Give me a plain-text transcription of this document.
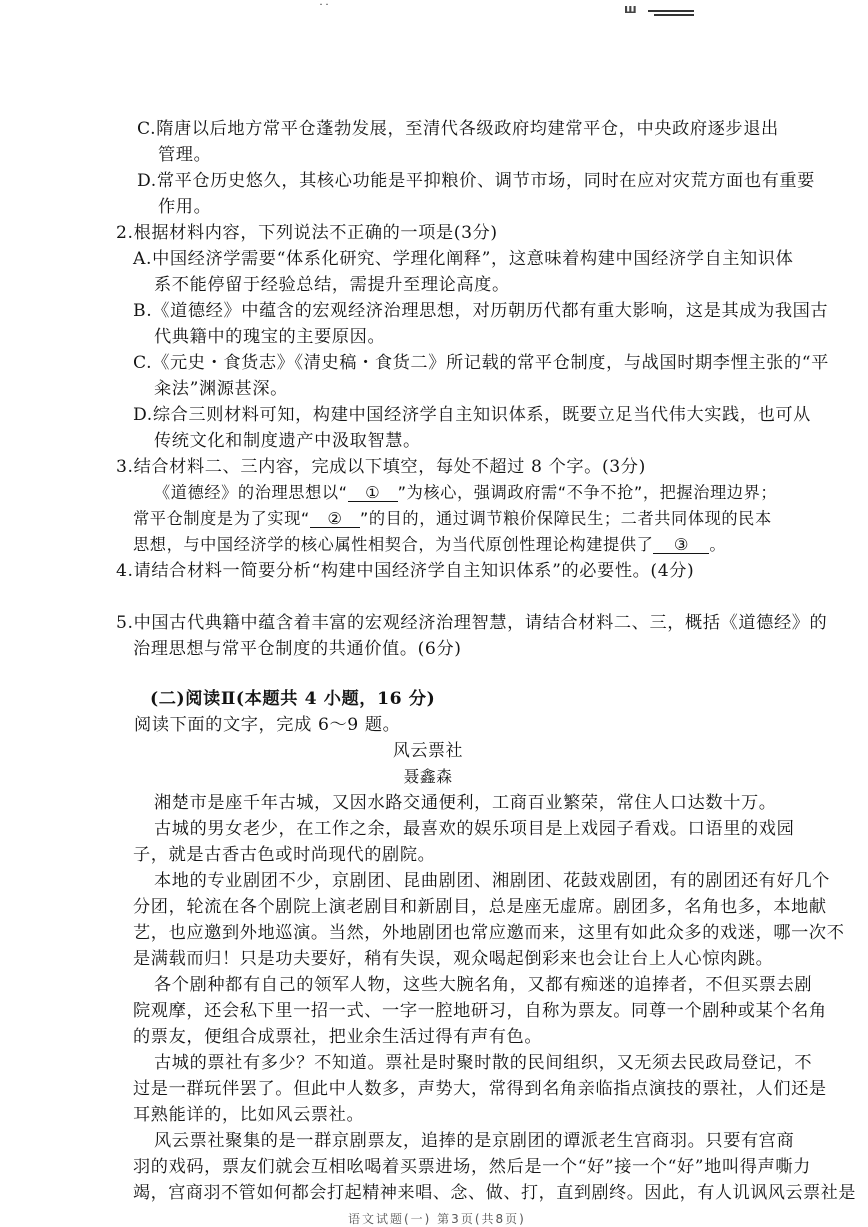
˙˙	ш
C.隋唐以后地方常平仓蓬勃发展，至清代各级政府均建常平仓，中央政府逐步退出
管理。
D.常平仓历史悠久，其核心功能是平抑粮价、调节市场，同时在应对灾荒方面也有重要
作用。
2.根据材料内容，下列说法不正确的一项是(3分)
A.中国经济学需要“体系化研究、学理化阐释”，这意味着构建中国经济学自主知识体
系不能停留于经验总结，需提升至理论高度。
B.《道德经》中蕴含的宏观经济治理思想，对历朝历代都有重大影响，这是其成为我国古
代典籍中的瑰宝的主要原因。
C.《元史・食货志》《清史稿・食货二》所记载的常平仓制度，与战国时期李悝主张的“平
籴法”渊源甚深。
D.综合三则材料可知，构建中国经济学自主知识体系，既要立足当代伟大实践，也可从
传统文化和制度遗产中汲取智慧。
3.结合材料二、三内容，完成以下填空，每处不超过 8 个字。(3分)
《道德经》的治理思想以“ ① ”为核心，强调政府需“不争不抢”，把握治理边界；
常平仓制度是为了实现“ ② ”的目的，通过调节粮价保障民生；二者共同体现的民本
思想，与中国经济学的核心属性相契合，为当代原创性理论构建提供了 ③ 。
4.请结合材料一简要分析“构建中国经济学自主知识体系”的必要性。(4分)
5.中国古代典籍中蕴含着丰富的宏观经济治理智慧，请结合材料二、三，概括《道德经》的
治理思想与常平仓制度的共通价值。(6分)
(二)阅读Ⅱ(本题共 4 小题，16 分)
阅读下面的文字，完成 6～9 题。
风云票社
聂鑫森
湘楚市是座千年古城，又因水路交通便利，工商百业繁荣，常住人口达数十万。
古城的男女老少，在工作之余，最喜欢的娱乐项目是上戏园子看戏。口语里的戏园
子，就是古香古色或时尚现代的剧院。
本地的专业剧团不少，京剧团、昆曲剧团、湘剧团、花鼓戏剧团，有的剧团还有好几个
分团，轮流在各个剧院上演老剧目和新剧目，总是座无虚席。剧团多，名角也多，本地献
艺，也应邀到外地巡演。当然，外地剧团也常应邀而来，这里有如此众多的戏迷，哪一次不
是满载而归！只是功夫要好，稍有失误，观众喝起倒彩来也会让台上人心惊肉跳。
各个剧种都有自己的领军人物，这些大腕名角，又都有痴迷的追捧者，不但买票去剧
院观摩，还会私下里一招一式、一字一腔地研习，自称为票友。同尊一个剧种或某个名角
的票友，便组合成票社，把业余生活过得有声有色。
古城的票社有多少？不知道。票社是时聚时散的民间组织，又无须去民政局登记，不
过是一群玩伴罢了。但此中人数多，声势大，常得到名角亲临指点演技的票社，人们还是
耳熟能详的，比如风云票社。
风云票社聚集的是一群京剧票友，追捧的是京剧团的谭派老生宫商羽。只要有宫商
羽的戏码，票友们就会互相吆喝着买票进场，然后是一个“好”接一个“好”地叫得声嘶力
竭，宫商羽不管如何都会打起精神来唱、念、做、打，直到剧终。因此，有人讥讽风云票社是
语文试题(一) 第3页(共8页)
